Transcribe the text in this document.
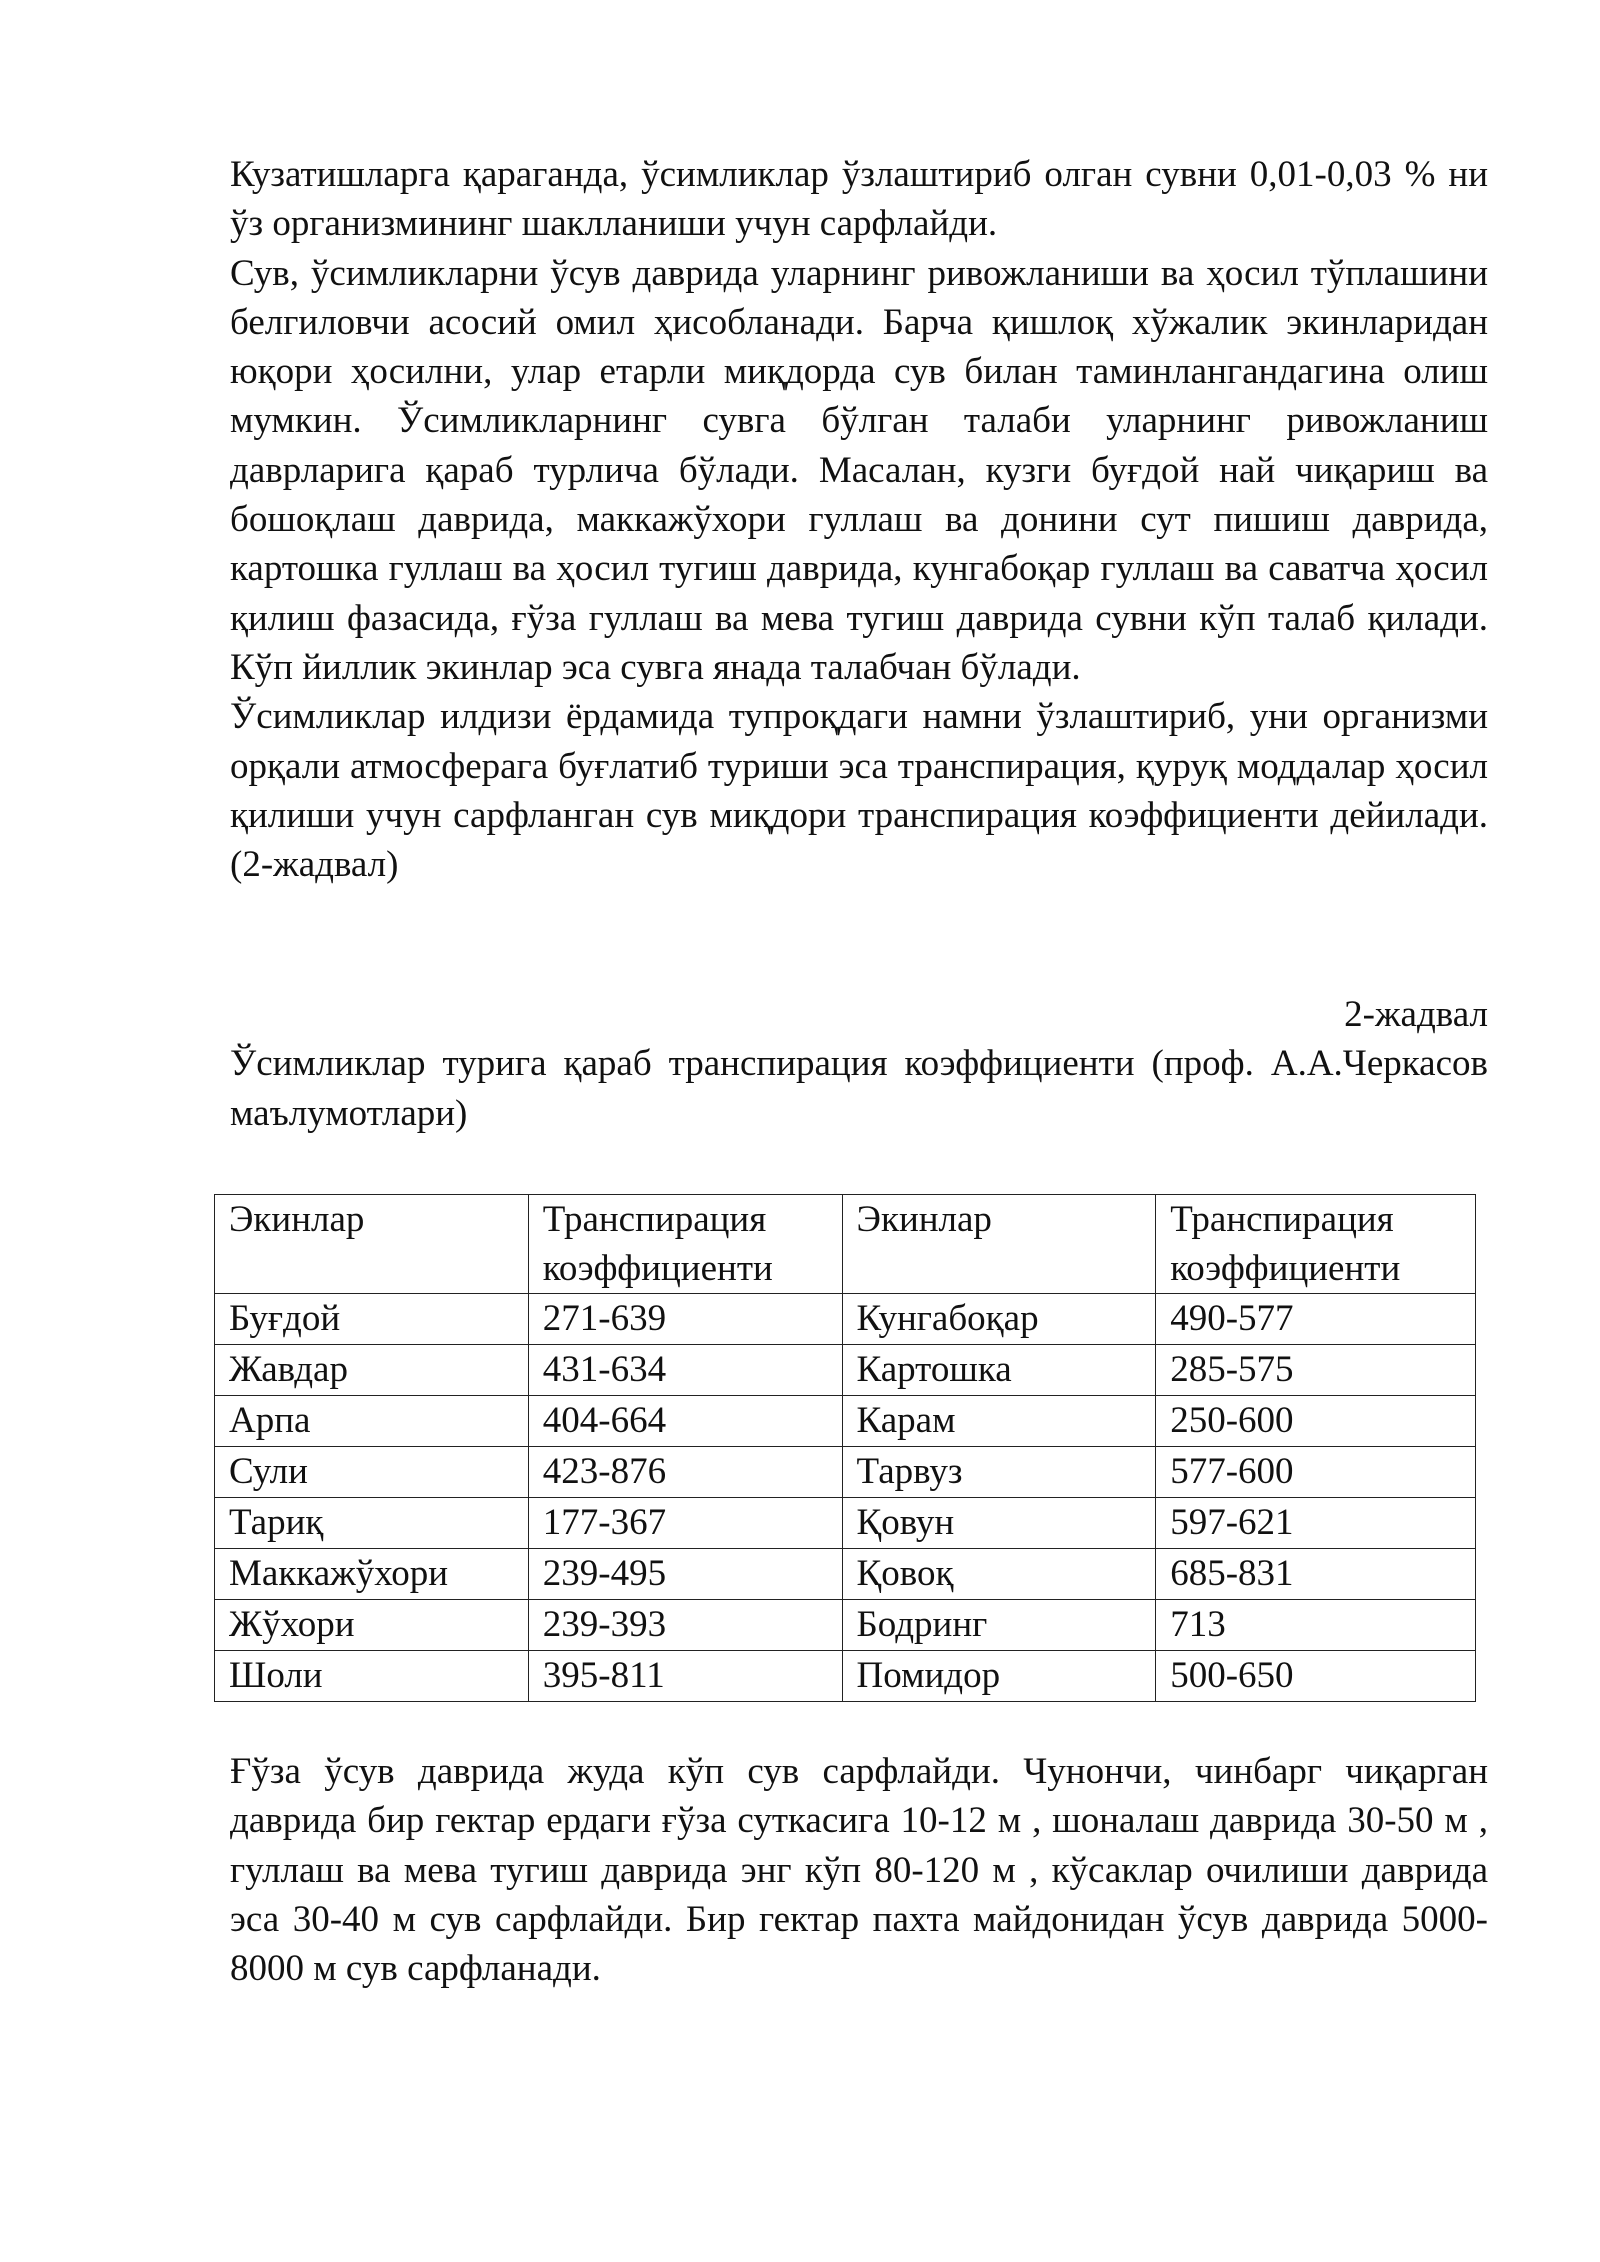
Кузатишларга қараганда, ўсимликлар ўзлаштириб олган сувни 0,01-0,03 % ни ўз организмининг шаклланиши учун сарфлайди.

Сув, ўсимликларни ўсув даврида уларнинг ривожланиши ва ҳосил тўплашини белгиловчи асосий омил ҳисобланади. Барча қишлоқ хўжалик экинларидан юқори ҳосилни, улар етарли миқдорда сув билан таминлангандагина олиш мумкин. Ўсимликларнинг сувга бўлган талаби уларнинг ривожланиш даврларига қараб турлича бўлади. Масалан, кузги буғдой най чиқариш ва бошоқлаш даврида, маккажўхори гуллаш ва донини сут пишиш даврида, картошка гуллаш ва ҳосил тугиш даврида, кунгабоқар гуллаш ва саватча ҳосил қилиш фазасида, ғўза гуллаш ва мева тугиш даврида сувни кўп талаб қилади. Кўп йиллик экинлар эса сувга янада талабчан бўлади.

Ўсимликлар илдизи ёрдамида тупроқдаги намни ўзлаштириб, уни организми орқали атмосферага буғлатиб туриши эса транспирация, қуруқ моддалар ҳосил қилиши учун сарфланган сув миқдори транспирация коэффициенти дейилади. (2-жадвал)

2-жадвал

Ўсимликлар турига қараб транспирация коэффициенти (проф. А.А.Черкасов маълумотлари)

Экинлар	Транспирация коэффициенти	Экинлар	Транспирация коэффициенти
Буғдой	271-639	Кунгабоқар	490-577
Жавдар	431-634	Картошка	285-575
Арпа	404-664	Карам	250-600
Сули	423-876	Тарвуз	577-600
Тариқ	177-367	Қовун	597-621
Маккажўхори	239-495	Қовоқ	685-831
Жўхори	239-393	Бодринг	713
Шоли	395-811	Помидор	500-650

Ғўза ўсув даврида жуда кўп сув сарфлайди. Чунончи, чинбарг чиқарган даврида бир гектар ердаги ғўза суткасига 10-12 м , шоналаш даврида 30-50 м , гуллаш ва мева тугиш даврида энг кўп 80-120 м , кўсаклар очилиши даврида эса 30-40 м сув сарфлайди. Бир гектар пахта майдонидан ўсув даврида 5000-8000 м сув сарфланади.
